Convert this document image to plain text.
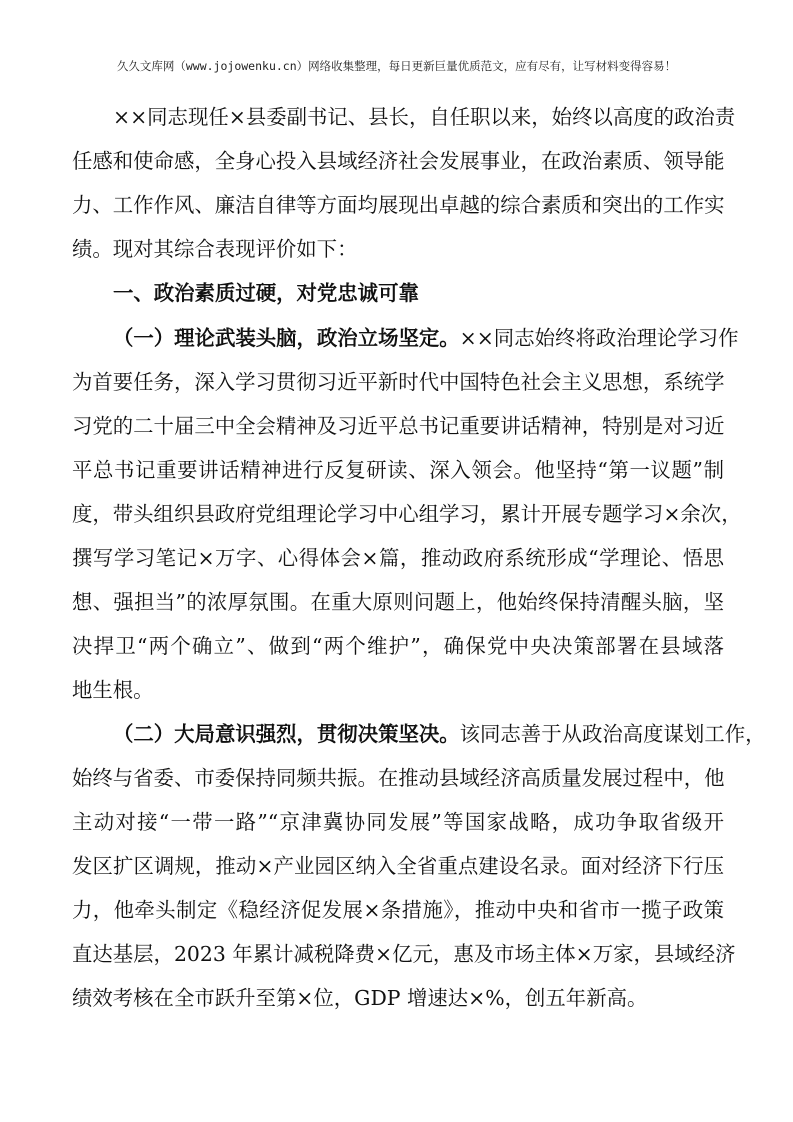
久久文库网（www.jojowenku.cn）网络收集整理，每日更新巨量优质范文，应有尽有，让写材料变得容易！
××同志现任×县委副书记、县长，自任职以来，始终以高度的政治责
任感和使命感，全身心投入县域经济社会发展事业，在政治素质、领导能
力、工作作风、廉洁自律等方面均展现出卓越的综合素质和突出的工作实
绩。现对其综合表现评价如下：
一、政治素质过硬，对党忠诚可靠
（一）理论武装头脑，政治立场坚定。××同志始终将政治理论学习作
为首要任务，深入学习贯彻习近平新时代中国特色社会主义思想，系统学
习党的二十届三中全会精神及习近平总书记重要讲话精神，特别是对习近
平总书记重要讲话精神进行反复研读、深入领会。他坚持“第一议题”制
度，带头组织县政府党组理论学习中心组学习，累计开展专题学习×余次，
撰写学习笔记×万字、心得体会×篇，推动政府系统形成“学理论、悟思
想、强担当”的浓厚氛围。在重大原则问题上，他始终保持清醒头脑，坚
决捍卫“两个确立”、做到“两个维护”，确保党中央决策部署在县域落
地生根。
（二）大局意识强烈，贯彻决策坚决。该同志善于从政治高度谋划工作，
始终与省委、市委保持同频共振。在推动县域经济高质量发展过程中，他
主动对接“一带一路”“京津冀协同发展”等国家战略，成功争取省级开
发区扩区调规，推动×产业园区纳入全省重点建设名录。面对经济下行压
力，他牵头制定《稳经济促发展×条措施》，推动中央和省市一揽子政策
直达基层，2023 年累计减税降费×亿元，惠及市场主体×万家，县域经济
绩效考核在全市跃升至第×位，GDP 增速达×%，创五年新高。
